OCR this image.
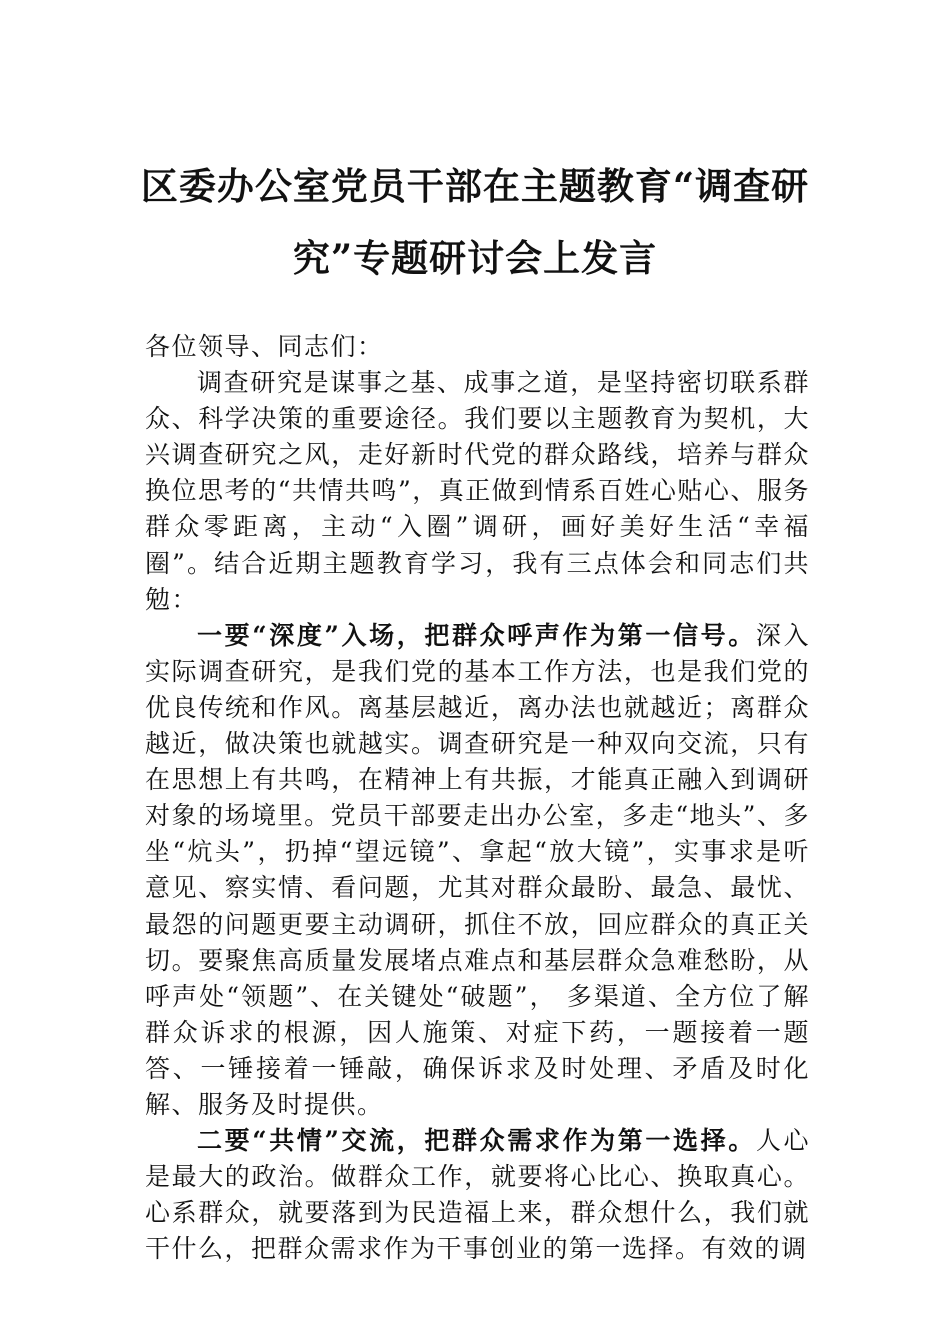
区委办公室党员干部在主题教育“调查研究”专题研讨会上发言

各位领导、同志们：

调查研究是谋事之基、成事之道，是坚持密切联系群众、科学决策的重要途径。我们要以主题教育为契机，大兴调查研究之风，走好新时代党的群众路线，培养与群众换位思考的“共情共鸣”，真正做到情系百姓心贴心、服务群众零距离，主动“入圈”调研，画好美好生活“幸福圈”。结合近期主题教育学习，我有三点体会和同志们共勉：

一要“深度”入场，把群众呼声作为第一信号。深入实际调查研究，是我们党的基本工作方法，也是我们党的优良传统和作风。离基层越近，离办法也就越近；离群众越近，做决策也就越实。调查研究是一种双向交流，只有在思想上有共鸣，在精神上有共振，才能真正融入到调研对象的场境里。党员干部要走出办公室，多走“地头”、多坐“炕头”，扔掉“望远镜”、拿起“放大镜”，实事求是听意见、察实情、看问题，尤其对群众最盼、最急、最忧、最怨的问题更要主动调研，抓住不放，回应群众的真正关切。要聚焦高质量发展堵点难点和基层群众急难愁盼，从呼声处“领题”、在关键处“破题”， 多渠道、全方位了解群众诉求的根源，因人施策、对症下药，一题接着一题答、一锤接着一锤敲，确保诉求及时处理、矛盾及时化解、服务及时提供。

二要“共情”交流，把群众需求作为第一选择。人心是最大的政治。做群众工作，就要将心比心、换取真心。心系群众，就要落到为民造福上来，群众想什么，我们就干什么，把群众需求作为干事创业的第一选择。有效的调
